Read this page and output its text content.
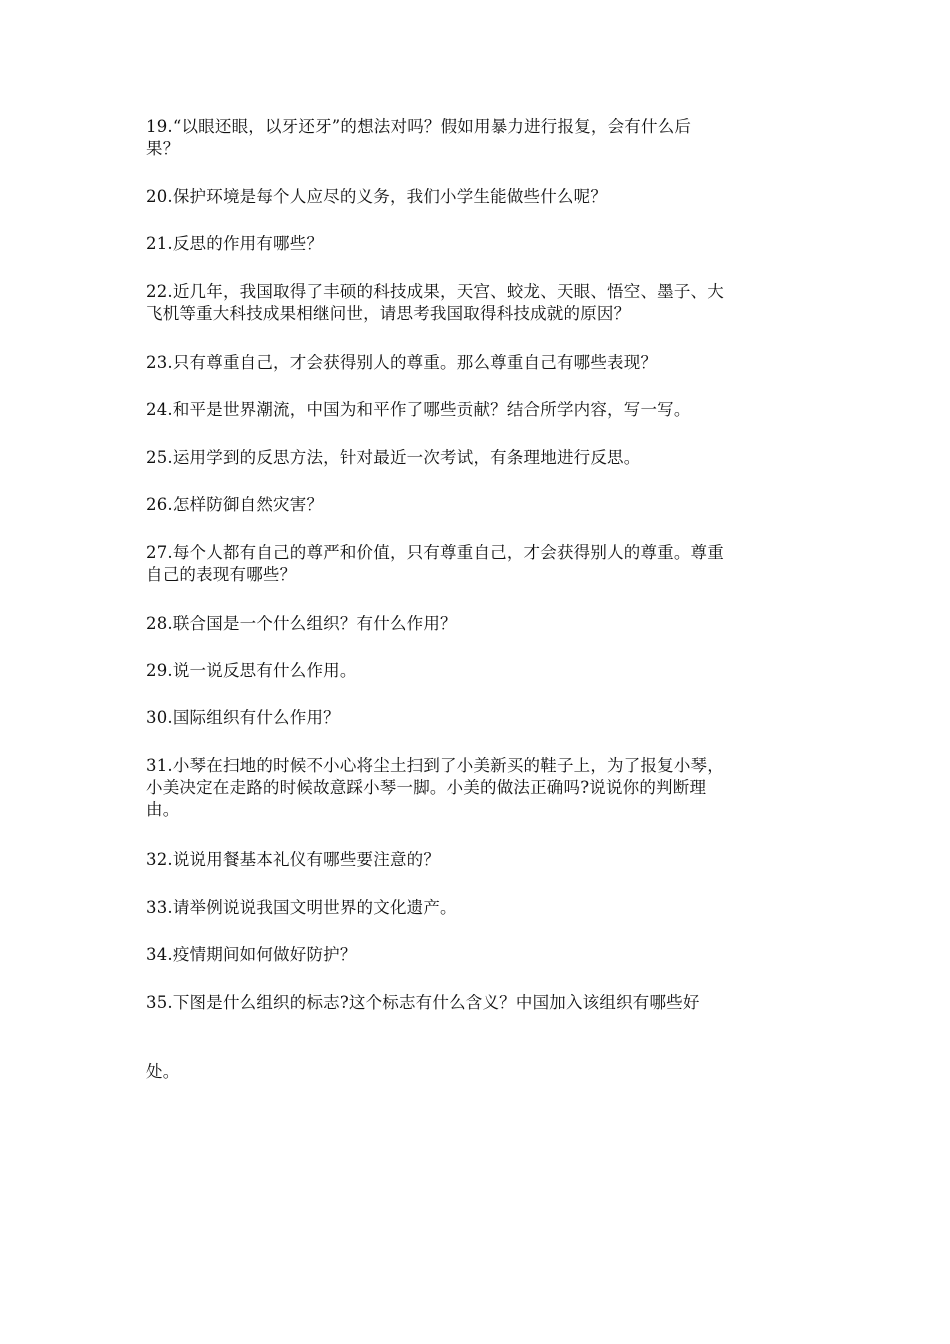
19.“以眼还眼，以牙还牙”的想法对吗？假如用暴力进行报复，会有什么后
果？
20.保护环境是每个人应尽的义务，我们小学生能做些什么呢？
21.反思的作用有哪些？
22.近几年，我国取得了丰硕的科技成果，天宫、蛟龙、天眼、悟空、墨子、大
飞机等重大科技成果相继问世，请思考我国取得科技成就的原因？
23.只有尊重自己，才会获得别人的尊重。那么尊重自己有哪些表现？
24.和平是世界潮流，中国为和平作了哪些贡献？结合所学内容，写一写。
25.运用学到的反思方法，针对最近一次考试，有条理地进行反思。
26.怎样防御自然灾害？
27.每个人都有自己的尊严和价值，只有尊重自己，才会获得别人的尊重。尊重
自己的表现有哪些？
28.联合国是一个什么组织？有什么作用？
29.说一说反思有什么作用。
30.国际组织有什么作用？
31.小琴在扫地的时候不小心将尘土扫到了小美新买的鞋子上，为了报复小琴，
小美决定在走路的时候故意踩小琴一脚。小美的做法正确吗?说说你的判断理
由。
32.说说用餐基本礼仪有哪些要注意的？
33.请举例说说我国文明世界的文化遗产。
34.疫情期间如何做好防护？
35.下图是什么组织的标志?这个标志有什么含义？中国加入该组织有哪些好
处。
